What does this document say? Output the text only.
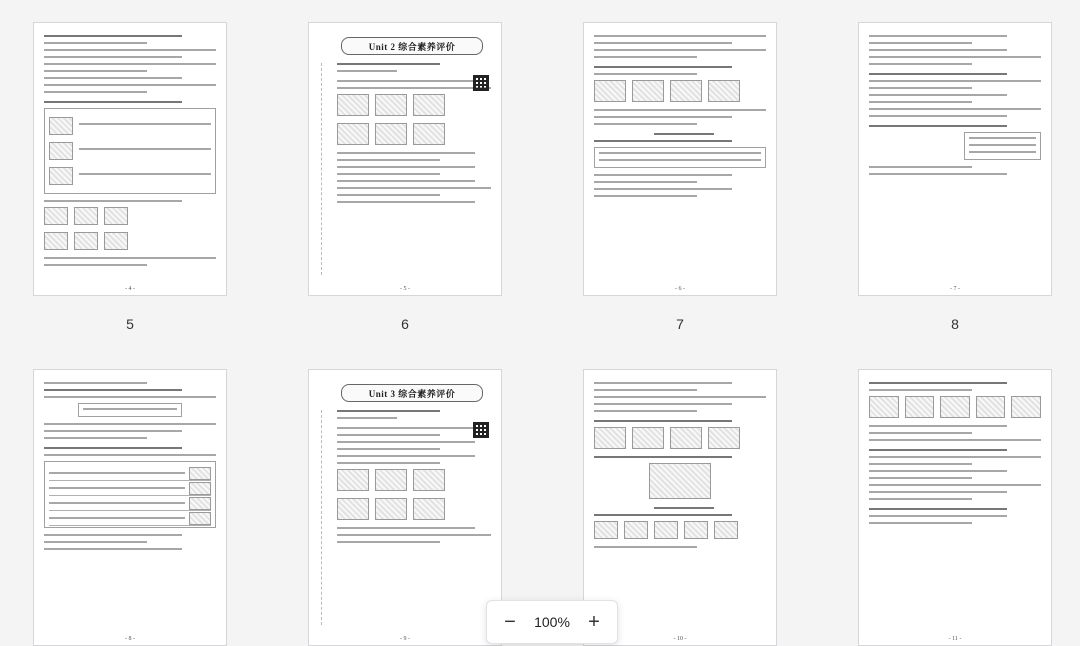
- 4 -
Unit 2 综合素养评价
- 5 -	- 6 -	- 7 -
5	6	7	8
- 8 -
Unit 3 综合素养评价
- 9 -	- 10 -	- 11 -
− 100% +
